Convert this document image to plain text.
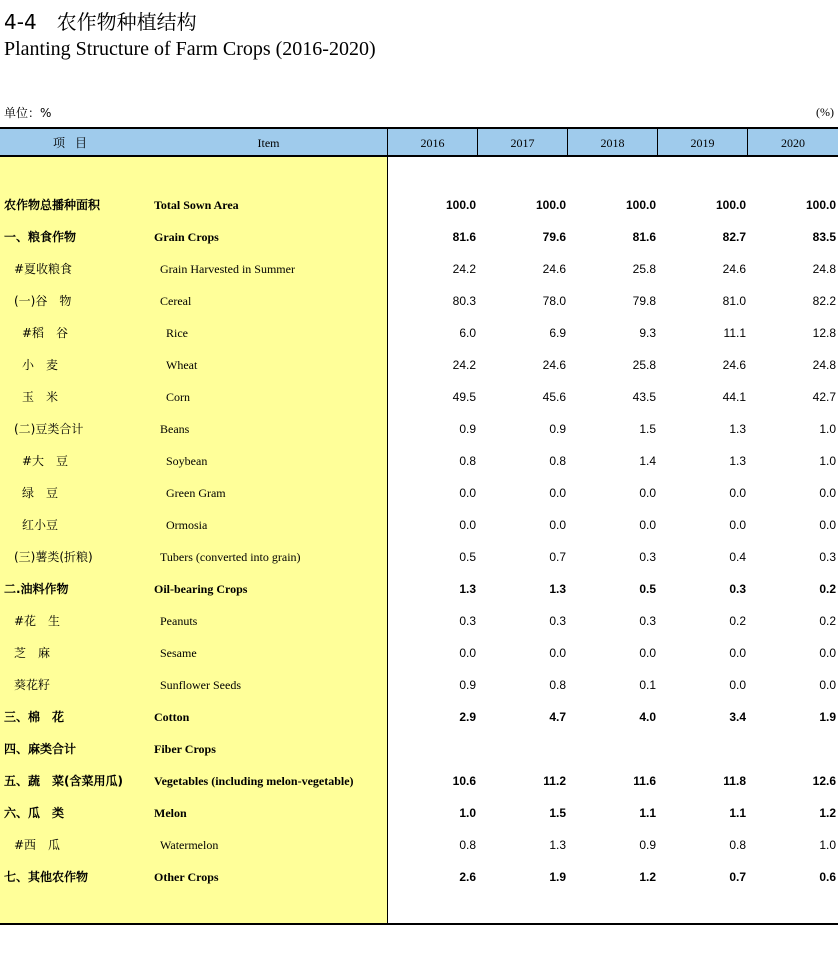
4-4　农作物种植结构
Planting Structure of Farm Crops (2016-2020)
单位：%	(%)
项目	Item	2016	2017	2018	2019	2020
农作物总播种面积	Total Sown Area	100.0	100.0	100.0	100.0	100.0
一、粮食作物	Grain Crops	81.6	79.6	81.6	82.7	83.5
#夏收粮食	Grain Harvested in Summer	24.2	24.6	25.8	24.6	24.8
(一)谷　物	Cereal	80.3	78.0	79.8	81.0	82.2
#稻　谷	Rice	6.0	6.9	9.3	11.1	12.8
小　麦	Wheat	24.2	24.6	25.8	24.6	24.8
玉　米	Corn	49.5	45.6	43.5	44.1	42.7
(二)豆类合计	Beans	0.9	0.9	1.5	1.3	1.0
#大　豆	Soybean	0.8	0.8	1.4	1.3	1.0
绿　豆	Green Gram	0.0	0.0	0.0	0.0	0.0
红小豆	Ormosia	0.0	0.0	0.0	0.0	0.0
(三)薯类(折粮)	Tubers (converted into grain)	0.5	0.7	0.3	0.4	0.3
二.油料作物	Oil-bearing Crops	1.3	1.3	0.5	0.3	0.2
#花　生	Peanuts	0.3	0.3	0.3	0.2	0.2
芝　麻	Sesame	0.0	0.0	0.0	0.0	0.0
葵花籽	Sunflower Seeds	0.9	0.8	0.1	0.0	0.0
三、棉　花	Cotton	2.9	4.7	4.0	3.4	1.9
四、麻类合计	Fiber Crops
五、蔬　菜(含菜用瓜)	Vegetables (including melon-vegetable)	10.6	11.2	11.6	11.8	12.6
六、瓜　类	Melon	1.0	1.5	1.1	1.1	1.2
#西　瓜	Watermelon	0.8	1.3	0.9	0.8	1.0
七、其他农作物	Other Crops	2.6	1.9	1.2	0.7	0.6
